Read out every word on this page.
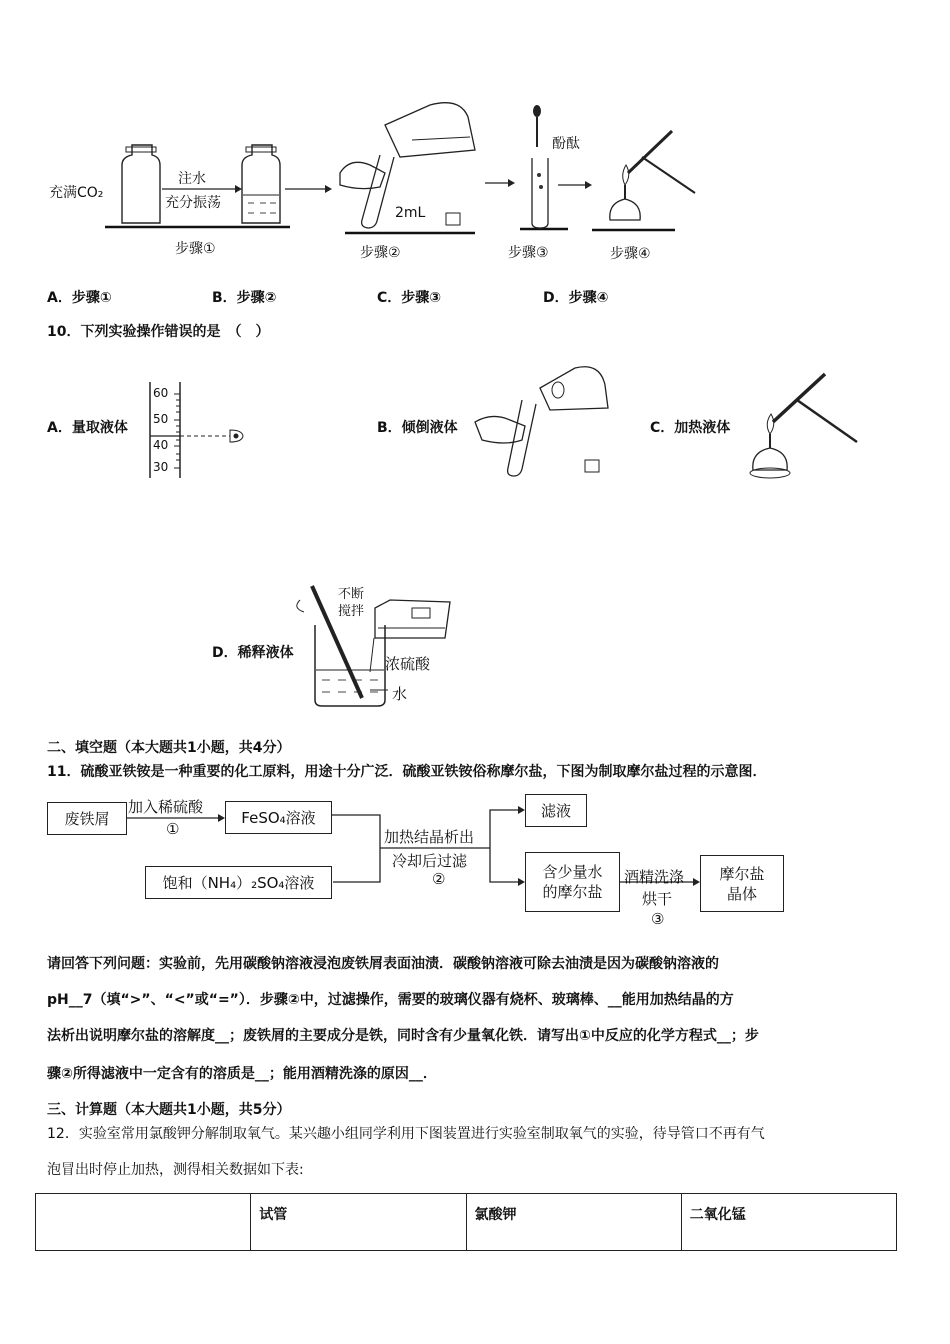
充满CO₂
注水
充分振荡
2mL
酚酞
步骤①	步骤②	步骤③	步骤④
A．步骤①	B．步骤②	C．步骤③	D．步骤④
10．下列实验操作错误的是　（　）
A．量取液体
60
50
40
30
B．倾倒液体	C．加热液体
D．稀释液体
不断
搅拌
浓硫酸
水
二、填空题（本大题共1小题，共4分）
11．硫酸亚铁铵是一种重要的化工原料，用途十分广泛．硫酸亚铁铵俗称摩尔盐，下图为制取摩尔盐过程的示意图．
废铁屑
加入稀硫酸
①
FeSO₄溶液
饱和（NH₄）₂SO₄溶液
加热结晶析出
冷却后过滤
②
滤液
含少量水
的摩尔盐
酒精洗涤
烘干
③
摩尔盐
晶体
请回答下列问题：实验前，先用碳酸钠溶液浸泡废铁屑表面油渍．碳酸钠溶液可除去油渍是因为碳酸钠溶液的
pH__7（填“>”、“<”或“=”）．步骤②中，过滤操作，需要的玻璃仪器有烧杯、玻璃棒、__能用加热结晶的方
法析出说明摩尔盐的溶解度__；废铁屑的主要成分是铁，同时含有少量氧化铁．请写出①中反应的化学方程式__；步
骤②所得滤液中一定含有的溶质是__；能用酒精洗涤的原因__．
三、计算题（本大题共1小题，共5分）
12．实验室常用氯酸钾分解制取氧气。某兴趣小组同学利用下图装置进行实验室制取氧气的实验，待导管口不再有气
泡冒出时停止加热，测得相关数据如下表:
	试管	氯酸钾	二氧化锰
